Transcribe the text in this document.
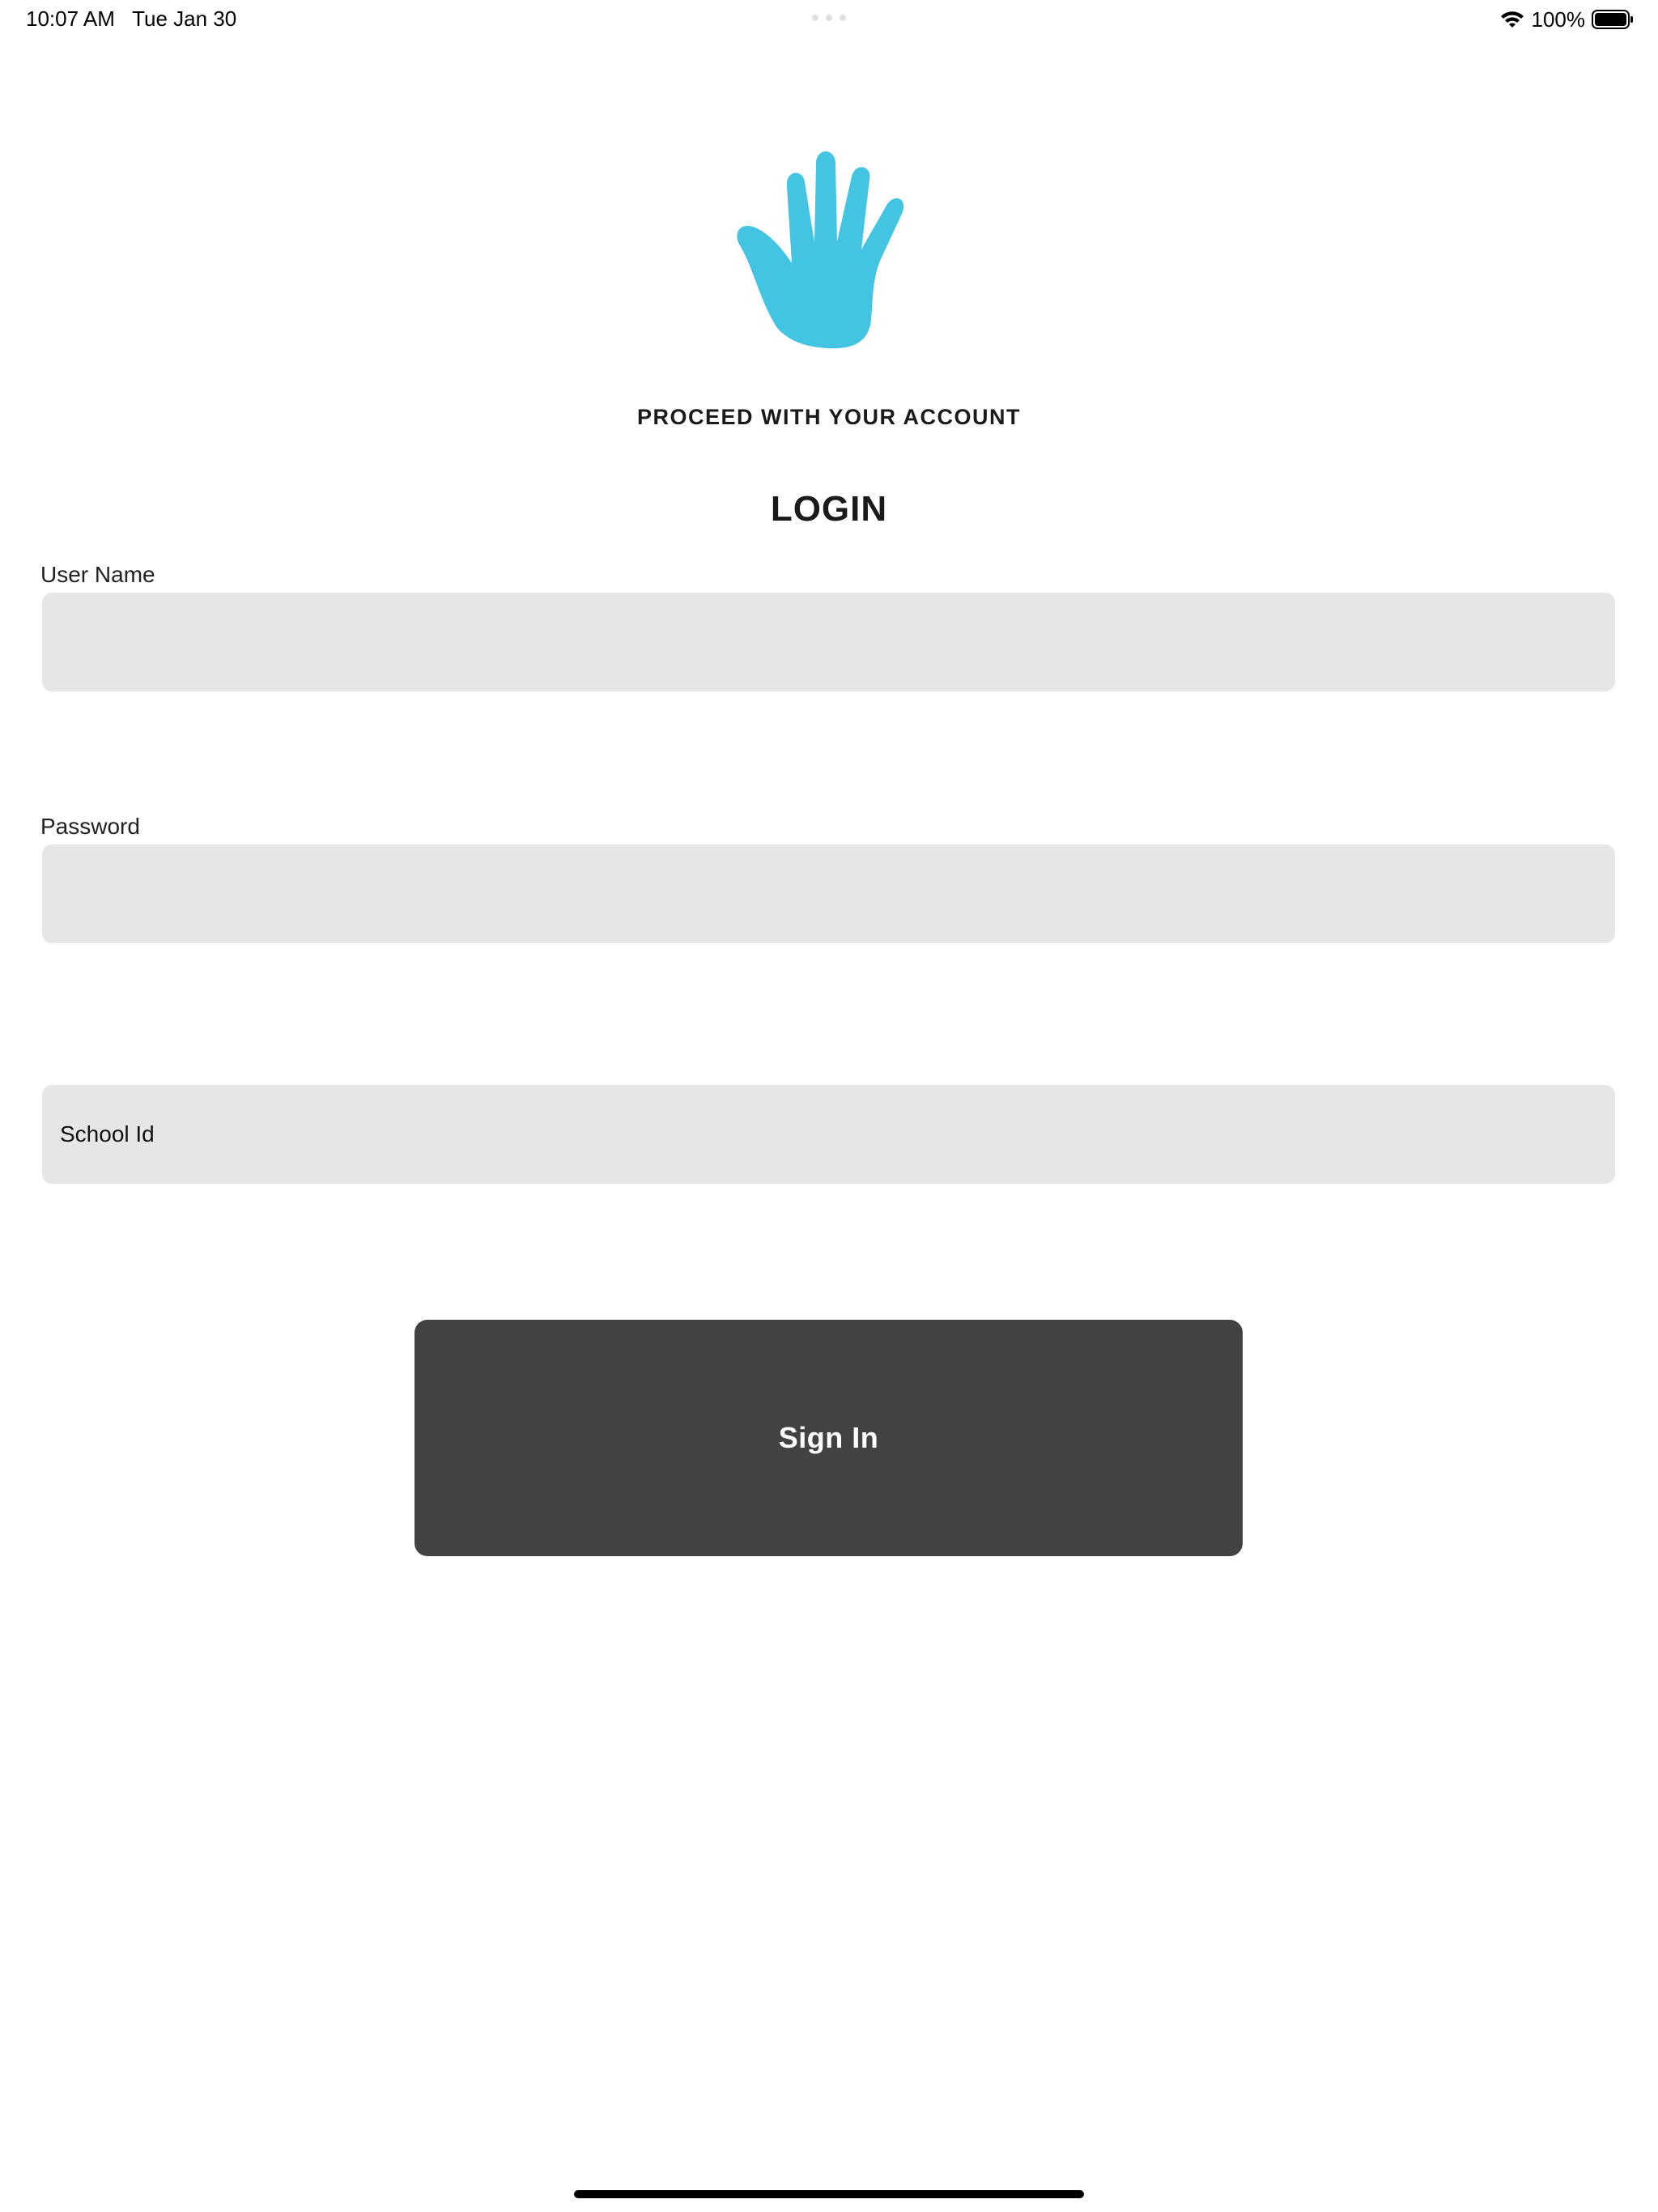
10:07 AM Tue Jan 30	100%
PROCEED WITH YOUR ACCOUNT
LOGIN
User Name
Password
School Id
Sign In
